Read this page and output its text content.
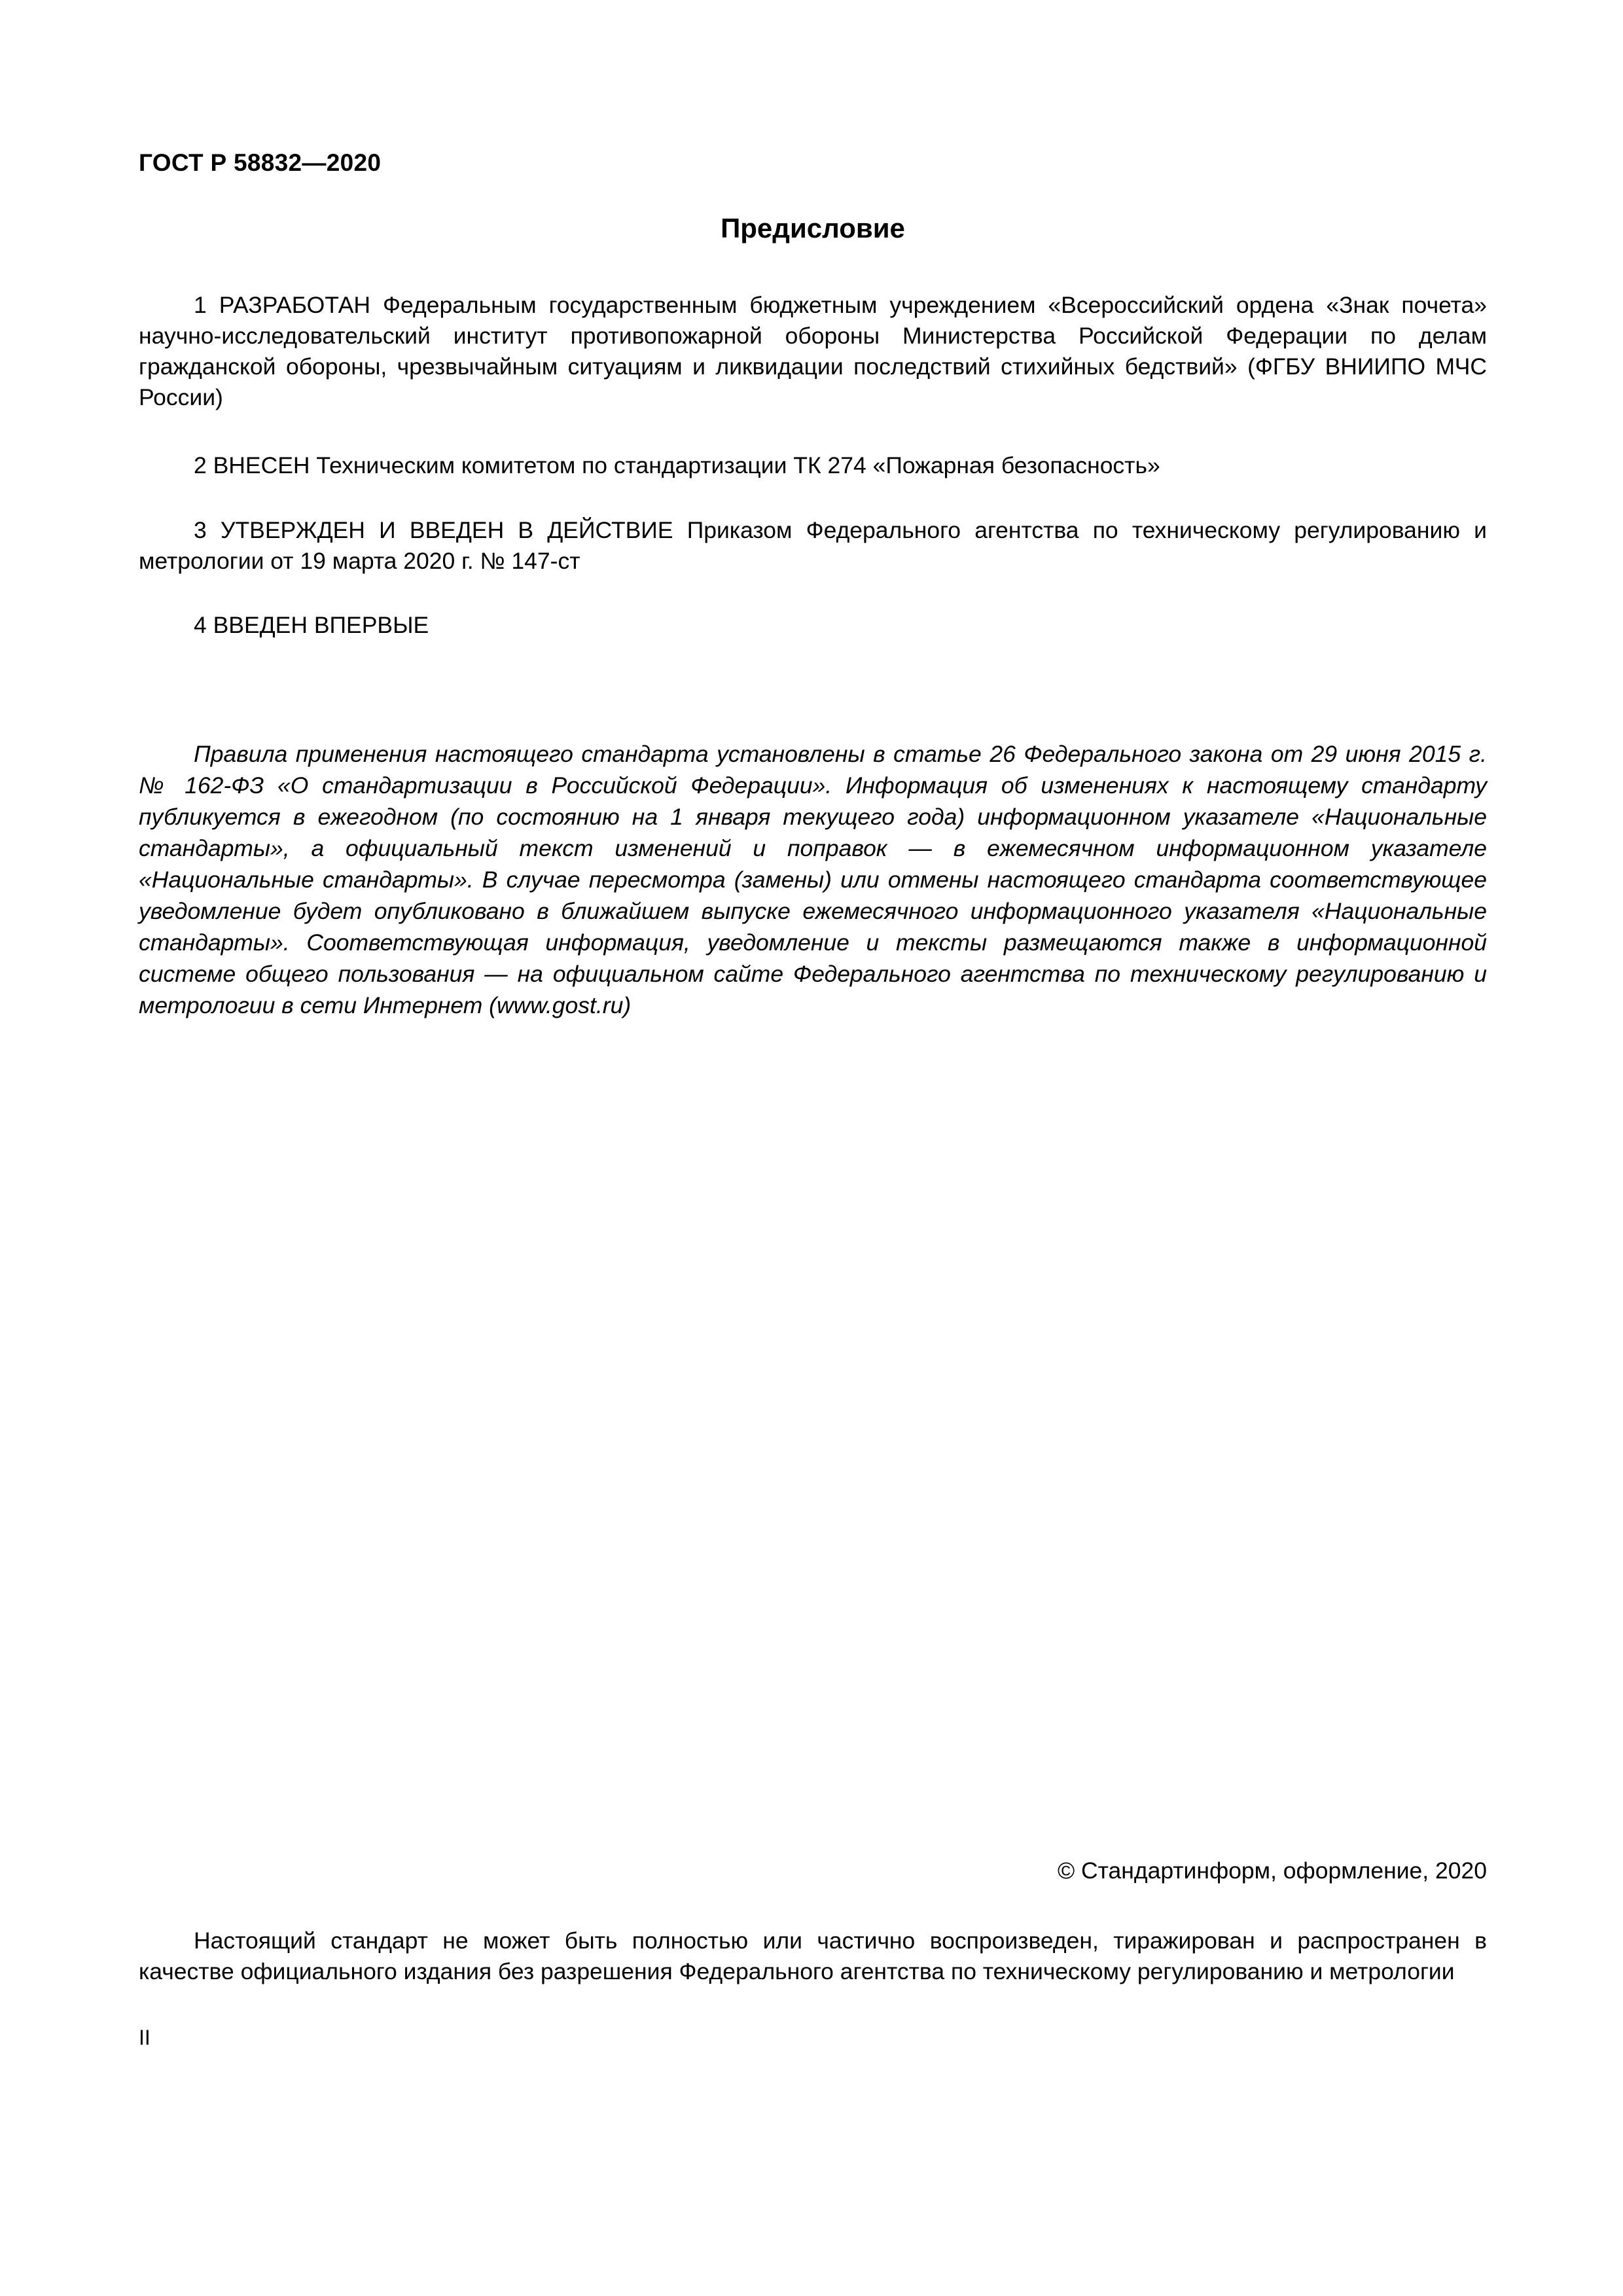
ГОСТ Р 58832—2020
Предисловие
1 РАЗРАБОТАН Федеральным государственным бюджетным учреждением «Всероссийский ордена «Знак почета» научно-исследовательский институт противопожарной обороны Министерства Российской Федерации по делам гражданской обороны, чрезвычайным ситуациям и ликвидации последствий стихийных бедствий» (ФГБУ ВНИИПО МЧС России)
2 ВНЕСЕН Техническим комитетом по стандартизации ТК 274 «Пожарная безопасность»
3 УТВЕРЖДЕН И ВВЕДЕН В ДЕЙСТВИЕ Приказом Федерального агентства по техническому регулированию и метрологии от 19 марта 2020 г. № 147-ст
4 ВВЕДЕН ВПЕРВЫЕ
Правила применения настоящего стандарта установлены в статье 26 Федерального закона от 29 июня 2015 г. № 162-ФЗ «О стандартизации в Российской Федерации». Информация об изменениях к настоящему стандарту публикуется в ежегодном (по состоянию на 1 января текущего года) информационном указателе «Национальные стандарты», а официальный текст изменений и поправок — в ежемесячном информационном указателе «Национальные стандарты». В случае пересмотра (замены) или отмены настоящего стандарта соответствующее уведомление будет опубликовано в ближайшем выпуске ежемесячного информационного указателя «Национальные стандарты». Соответствующая информация, уведомление и тексты размещаются также в информационной системе общего пользования — на официальном сайте Федерального агентства по техническому регулированию и метрологии в сети Интернет (www.gost.ru)
© Стандартинформ, оформление, 2020
Настоящий стандарт не может быть полностью или частично воспроизведен, тиражирован и распространен в качестве официального издания без разрешения Федерального агентства по техническому регулированию и метрологии
II
